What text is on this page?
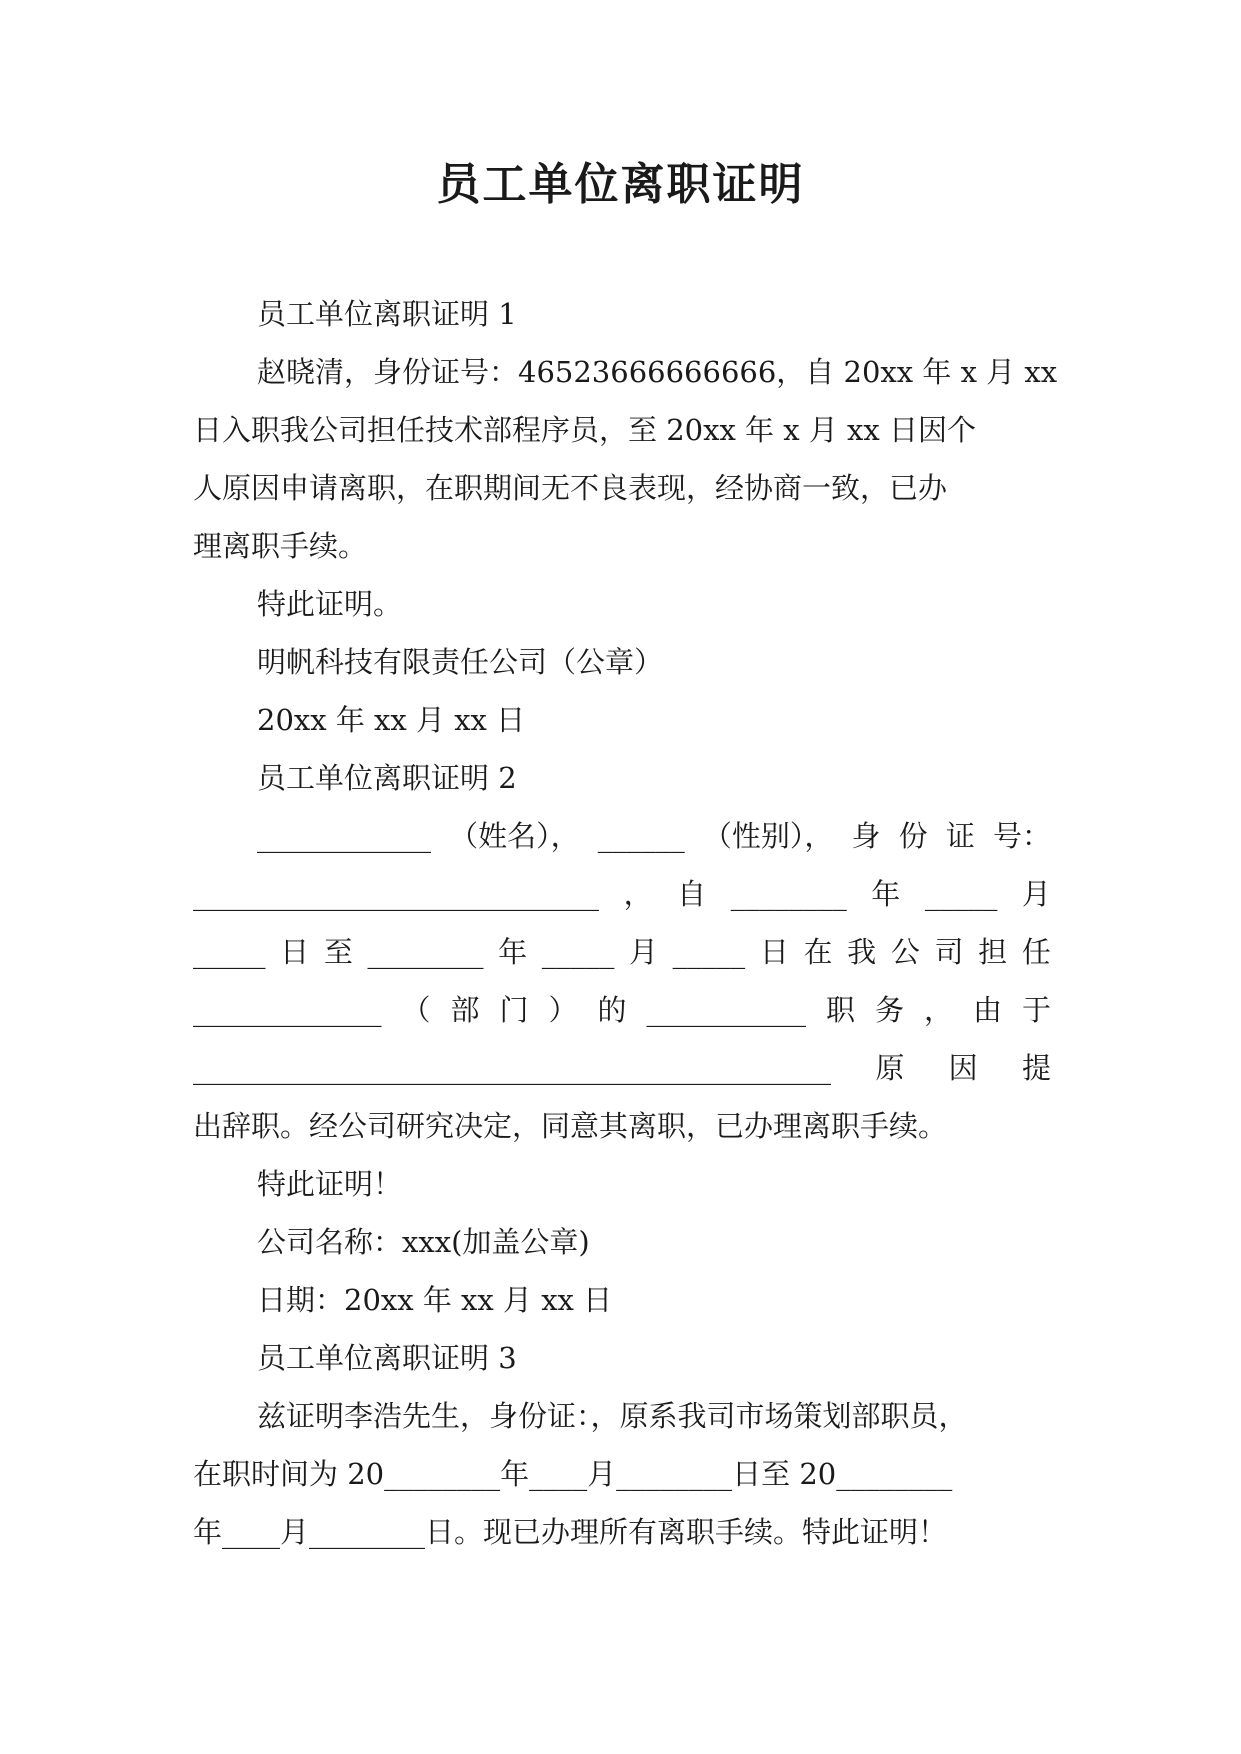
员工单位离职证明
员工单位离职证明 1
赵晓清，身份证号：46523666666666，自 20xx 年 x 月 xx
日入职我公司担任技术部程序员，至 20xx 年 x 月 xx 日因个
人原因申请离职，在职期间无不良表现，经协商一致，已办
理离职手续。
特此证明。
明帆科技有限责任公司（公章）
20xx 年 xx 月 xx 日
员工单位离职证明 2
____________ （姓名）， ______ （性别）， 身 份 证 号：
____________________________ ， 自 ________ 年 _____ 月
_____ 日 至 ________ 年 _____ 月 _____ 日 在 我 公 司 担 任
_____________ （ 部 门 ） 的 ___________ 职 务 ， 由 于
____________________________________________ 原 因 提
出辞职。经公司研究决定，同意其离职，已办理离职手续。
特此证明！
公司名称：xxx(加盖公章)
日期：20xx 年 xx 月 xx 日
员工单位离职证明 3
兹证明李浩先生，身份证：，原系我司市场策划部职员，
在职时间为 20________年____月________日至 20________
年____月________日。现已办理所有离职手续。特此证明！
